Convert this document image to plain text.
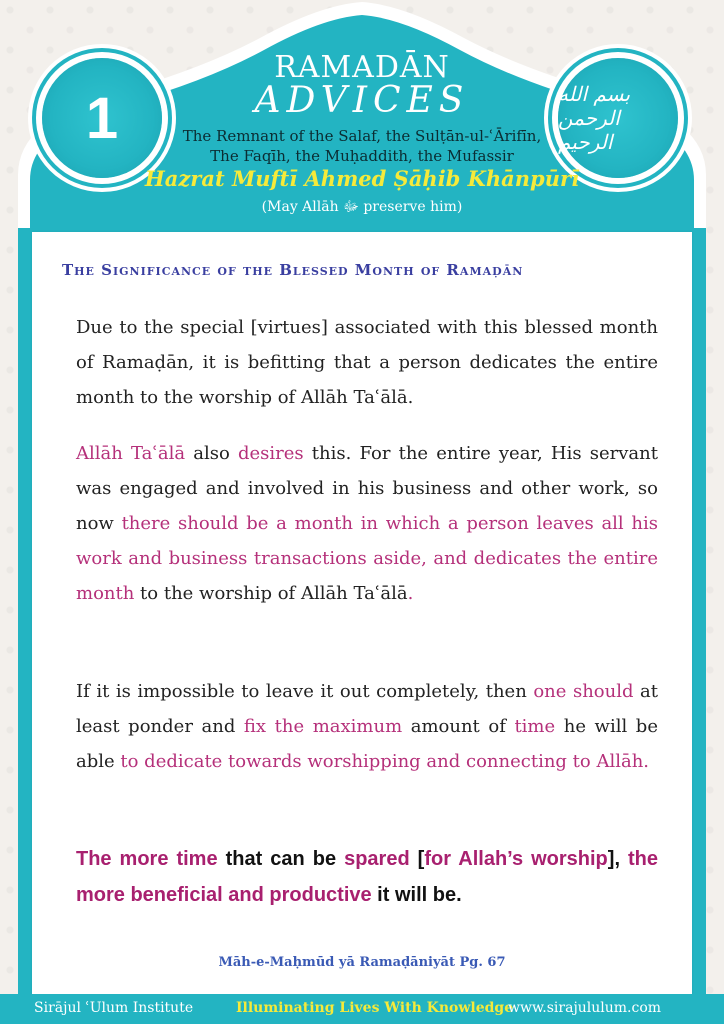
1	بسم الله الرحمن الرحيم
RAMADĀN
ADVICES
The Remnant of the Salaf, the Sulṭān-ul-ʿĀrifīn,
The Faqīh, the Muḥaddith, the Mufassir
Hazrat Muftī Ahmed Ṣāḥib Khānpūrī
(May Allāh ﷻ preserve him)
The Significance of the Blessed Month of Ramaḍān
Due to the special [virtues] associated with this blessed month of Ramaḍān, it is befitting that a person dedicates the entire month to the worship of Allāh Taʿālā.
Allāh Taʿālā also desires this. For the entire year, His servant was engaged and involved in his business and other work, so now there should be a month in which a person leaves all his work and business transactions aside, and dedicates the entire month to the worship of Allāh Taʿālā.
If it is impossible to leave it out completely, then one should at least ponder and fix the maximum amount of time he will be able to dedicate towards worshipping and connecting to Allāh.
The more time that can be spared [for Allah’s worship], the more beneficial and productive it will be.
Māh-e-Maḥmūd yā Ramaḍāniyāt Pg. 67
Sirājul ʿUlum Institute	Illuminating Lives With Knowledge
www.sirajululum.com
